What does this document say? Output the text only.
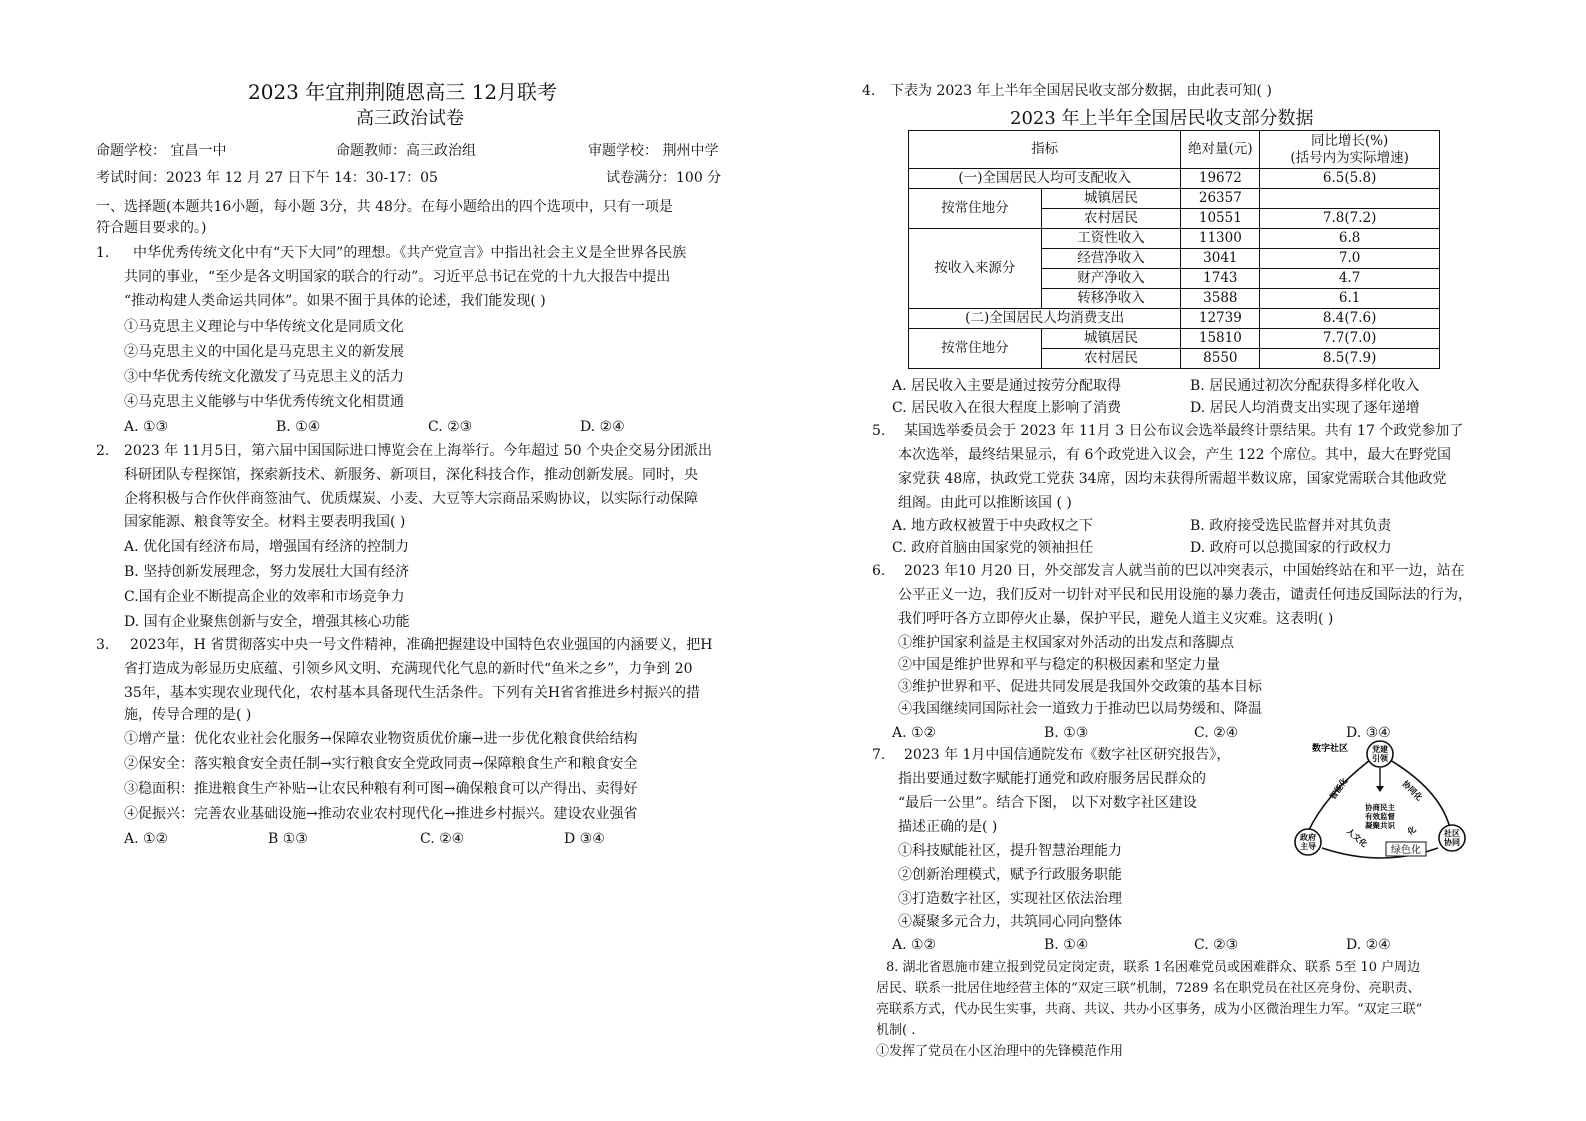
2023 年宜荆荆随恩高三 12月联考
高三政治试卷
命题学校： 宜昌一中	命题教师：高三政治组	审题学校： 荆州中学
考试时间：2023 年 12 月 27 日下午 14：30-17：05	试卷满分：100 分
一、选择题(本题共16小题，每小题 3分，共 48分。在每小题给出的四个选项中，只有一项是
符合题目要求的。)
1. 中华优秀传统文化中有“天下大同”的理想。《共产党宣言》中指出社会主义是全世界各民族
共同的事业，“至少是各文明国家的联合的行动”。习近平总书记在党的十九大报告中提出
“推动构建人类命运共同体”。如果不囿于具体的论述，我们能发现( )
①马克思主义理论与中华传统文化是同质文化
②马克思主义的中国化是马克思主义的新发展
③中华优秀传统文化激发了马克思主义的活力
④马克思主义能够与中华优秀传统文化相贯通
A. ①③	B. ①④	C. ②③	D. ②④
2. 2023 年 11月5日，第六届中国国际进口博览会在上海举行。今年超过 50 个央企交易分团派出
科研团队专程探馆，探索新技术、新服务、新项目，深化科技合作，推动创新发展。同时，央
企将积极与合作伙伴商签油气、优质煤炭、小麦、大豆等大宗商品采购协议，以实际行动保障
国家能源、粮食等安全。材料主要表明我国( )
A. 优化国有经济布局，增强国有经济的控制力
B. 坚持创新发展理念，努力发展壮大国有经济
C.国有企业不断提高企业的效率和市场竞争力
D. 国有企业聚焦创新与安全，增强其核心功能
3. 2023年，H 省贯彻落实中央一号文件精神，准确把握建设中国特色农业强国的内涵要义，把H
省打造成为彰显历史底蕴、引领乡风文明、充满现代化气息的新时代“鱼米之乡”，力争到 20
35年，基本实现农业现代化，农村基本具备现代生活条件。下列有关H省省推进乡村振兴的措
施，传导合理的是( )
①增产量：优化农业社会化服务→保障农业物资质优价廉→进一步优化粮食供给结构
②保安全：落实粮食安全责任制→实行粮食安全党政同责→保障粮食生产和粮食安全
③稳面积：推进粮食生产补贴→让农民种粮有利可图→确保粮食可以产得出、卖得好
④促振兴：完善农业基础设施→推动农业农村现代化→推进乡村振兴。建设农业强省
A. ①②	B ①③	C. ②④	D ③④
4. 下表为 2023 年上半年全国居民收支部分数据，由此表可知( )
2023 年上半年全国居民收支部分数据
指标		绝对量(元)	同比增长(%)
(括号内为实际增速)
(一)全国居民人均可支配收入		19672	6.5(5.8)
按常住地分	城镇居民	26357	
	农村居民	10551	7.8(7.2)
按收入来源分	工资性收入	11300	6.8
	经营净收入	3041	7.0
	财产净收入	1743	4.7
	转移净收入	3588	6.1
(二)全国居民人均消费支出		12739	8.4(7.6)
按常住地分	城镇居民	15810	7.7(7.0)
	农村居民	8550	8.5(7.9)
A. 居民收入主要是通过按劳分配取得	B. 居民通过初次分配获得多样化收入
C. 居民收入在很大程度上影响了消费	D. 居民人均消费支出实现了逐年递增
5. 某国选举委员会于 2023 年 11月 3 日公布议会选举最终计票结果。共有 17 个政党参加了
本次选举，最终结果显示，有 6个政党进入议会，产生 122 个席位。其中，最大在野党国
家党获 48席，执政党工党获 34席，因均未获得所需超半数议席，国家党需联合其他政党
组阁。由此可以推断该国 ( )
A. 地方政权被置于中央政权之下	B. 政府接受选民监督并对其负责
C. 政府首脑由国家党的领袖担任	D. 政府可以总揽国家的行政权力
6. 2023 年10 月20 日，外交部发言人就当前的巴以冲突表示，中国始终站在和平一边，站在
公平正义一边，我们反对一切针对平民和民用设施的暴力袭击，谴责任何违反国际法的行为，
我们呼吁各方立即停火止暴，保护平民，避免人道主义灾难。这表明( )
①维护国家利益是主权国家对外活动的出发点和落脚点
②中国是维护世界和平与稳定的积极因素和坚定力量
③维护世界和平、促进共同发展是我国外交政策的基本目标
④我国继续同国际社会一道致力于推动巴以局势缓和、降温
A. ①②	B. ①③	C. ②④	D. ③④
7. 2023 年 1月中国信通院发布《数字社区研究报告》，
指出要通过数字赋能打通党和政府服务居民群众的
“最后一公里”。结合下图， 以下对数字社区建设
描述正确的是( )
①科技赋能社区，提升智慧治理能力
②创新治理模式，赋予行政服务职能
③打造数字社区，实现社区依法治理
④凝聚多元合力，共筑同心同向整体
A. ①②	B. ①④	C. ②③	D. ②④
数字社区	党建
引领
政府
主导
社区
协同
协商民主
有效监督
凝聚共识
智能化	协同化
人文化	化
绿色化
8. 湖北省恩施市建立报到党员定岗定责，联系 1名困难党员或困难群众、联系 5至 10 户周边
居民、联系一批居住地经营主体的“双定三联”机制，7289 名在职党员在社区亮身份、亮职责、
亮联系方式，代办民生实事，共商、共议、共办小区事务，成为小区微治理生力军。“双定三联”
机制( .
①发挥了党员在小区治理中的先锋模范作用
